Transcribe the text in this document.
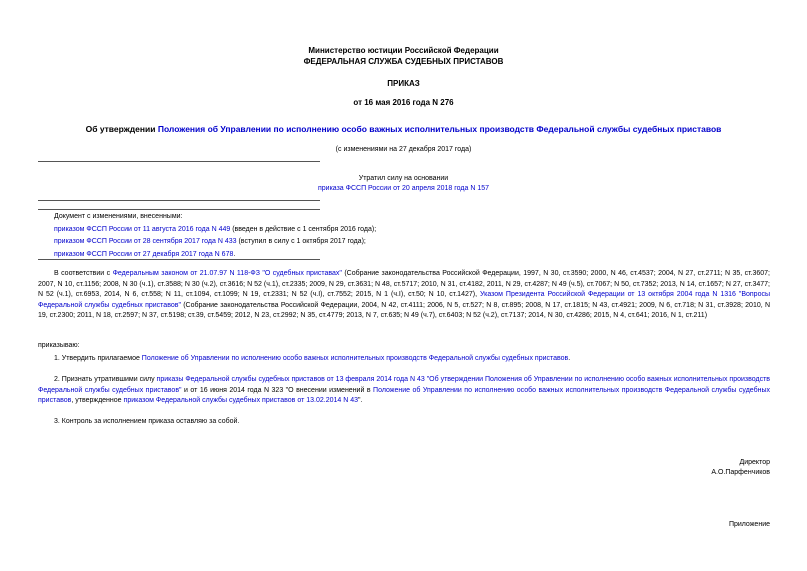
Министерство юстиции Российской Федерации
ФЕДЕРАЛЬНАЯ СЛУЖБА СУДЕБНЫХ ПРИСТАВОВ
ПРИКАЗ
от 16 мая 2016 года N 276
Об утверждении Положения об Управлении по исполнению особо важных исполнительных производств Федеральной службы судебных приставов
(с изменениями на 27 декабря 2017 года)
Утратил силу на основании
приказа ФССП России от 20 апреля 2018 года N 157
Документ с изменениями, внесенными:
приказом ФССП России от 11 августа 2016 года N 449 (введен в действие с 1 сентября 2016 года);
приказом ФССП России от 28 сентября 2017 года N 433 (вступил в силу с 1 октября 2017 года);
приказом ФССП России от 27 декабря 2017 года N 678.
В соответствии с Федеральным законом от 21.07.97 N 118-ФЗ "О судебных приставах" (Собрание законодательства Российской Федерации, 1997, N 30, ст.3590; 2000, N 46, ст.4537; 2004, N 27, ст.2711; N 35, ст.3607; 2007, N 10, ст.1156; 2008, N 30 (ч.1), ст.3588; N 30 (ч.2), ст.3616; N 52 (ч.1), ст.2335; 2009, N 29, ст.3631; N 48, ст.5717; 2010, N 31, ст.4182, 2011, N 29, ст.4287; N 49 (ч.5), ст.7067; N 50, ст.7352; 2013, N 14, ст.1657; N 27, ст.3477; N 52 (ч.1), ст.6953, 2014, N 6, ст.558; N 11, ст.1094, ст.1099; N 19, ст.2331; N 52 (ч.I), ст.7552; 2015, N 1 (ч.I), ст.50; N 10, ст.1427), Указом Президента Российской Федерации от 13 октября 2004 года N 1316 "Вопросы Федеральной службы судебных приставов" (Собрание законодательства Российской Федерации, 2004, N 42, ст.4111; 2006, N 5, ст.527; N 8, ст.895; 2008, N 17, ст.1815; N 43, ст.4921; 2009, N 6, ст.718; N 31, ст.3928; 2010, N 19, ст.2300; 2011, N 18, ст.2597; N 37, ст.5198; ст.39, ст.5459; 2012, N 23, ст.2992; N 35, ст.4779; 2013, N 7, ст.635; N 49 (ч.7), ст.6403; N 52 (ч.2), ст.7137; 2014, N 30, ст.4286; 2015, N 4, ст.641; 2016, N 1, ст.211)
приказываю:
1. Утвердить прилагаемое Положение об Управлении по исполнению особо важных исполнительных производств Федеральной службы судебных приставов.
2. Признать утратившими силу приказы Федеральной службы судебных приставов от 13 февраля 2014 года N 43 "Об утверждении Положения об Управлении по исполнению особо важных исполнительных производств Федеральной службы судебных приставов" и от 16 июня 2014 года N 323 "О внесении изменений в Положение об Управлении по исполнению особо важных исполнительных производств Федеральной службы судебных приставов, утвержденное приказом Федеральной службы судебных приставов от 13.02.2014 N 43".
3. Контроль за исполнением приказа оставляю за собой.
Директор
А.О.Парфенчиков
Приложение
